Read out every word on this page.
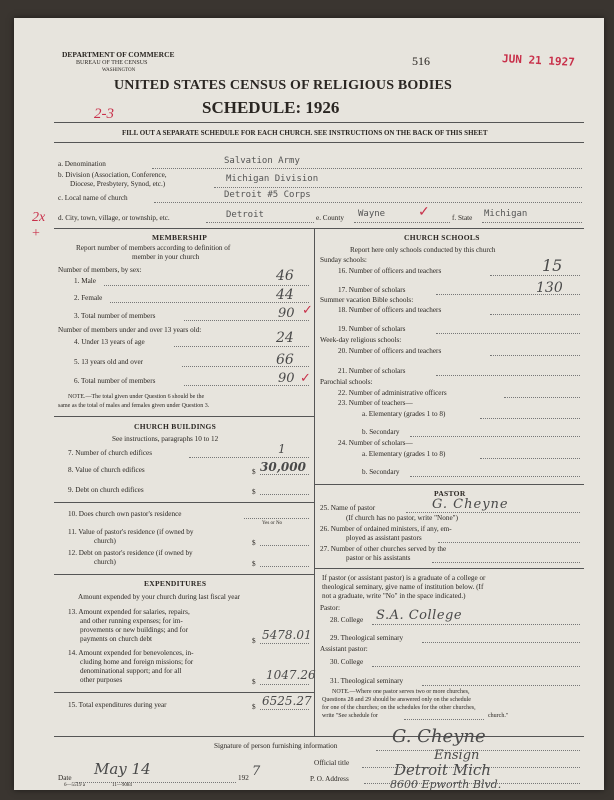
DEPARTMENT OF COMMERCE
BUREAU OF THE CENSUS
WASHINGTON
516	JUN 21 1927
UNITED STATES CENSUS OF RELIGIOUS BODIES
SCHEDULE: 1926
2-3
FILL OUT A SEPARATE SCHEDULE FOR EACH CHURCH. SEE INSTRUCTIONS ON THE BACK OF THIS SHEET
a. Denomination	Salvation Army
b. Division (Association, Conference,
Diocese, Presbytery, Synod, etc.)	Michigan Division
c. Local name of church	Detroit #5 Corps
2x
+
d. City, town, village, or township, etc.	Detroit	e. County Wayne ✓	f. State Michigan
MEMBERSHIP
Report number of members according to definition of
member in your church
Number of members, by sex:
1. Male	46
2. Female	44
3. Total number of members	90 ✓
Number of members under and over 13 years old:
4. Under 13 years of age	24
5. 13 years old and over	66
6. Total number of members	90 ✓
NOTE.—The total given under Question 6 should be the
same as the total of males and females given under Question 3.
CHURCH BUILDINGS
See instructions, paragraphs 10 to 12
7. Number of church edifices	1
8. Value of church edifices	$ 30,000
9. Debt on church edifices	$
10. Does church own pastor's residence
Yes or No
11. Value of pastor's residence (if owned by
church)	$
12. Debt on pastor's residence (if owned by
church)	$
EXPENDITURES
Amount expended by your church during last fiscal year
13. Amount expended for salaries, repairs,
and other running expenses; for im-
provements or new buildings; and for
payments on church debt	$ 5478.01
14. Amount expended for benevolences, in-
cluding home and foreign missions; for
denominational support; and for all
other purposes	$ 1047.26
15. Total expenditures during year	$ 6525.27
CHURCH SCHOOLS
Report here only schools conducted by this church
Sunday schools:
16. Number of officers and teachers	15
17. Number of scholars	130
Summer vacation Bible schools:
18. Number of officers and teachers
19. Number of scholars
Week-day religious schools:
20. Number of officers and teachers
21. Number of scholars
Parochial schools:
22. Number of administrative officers
23. Number of teachers—
a. Elementary (grades 1 to 8)
b. Secondary
24. Number of scholars—
a. Elementary (grades 1 to 8)
b. Secondary
PASTOR
25. Name of pastor	G. Cheyne
(If church has no pastor, write "None")
26. Number of ordained ministers, if any, em-
ployed as assistant pastors
27. Number of other churches served by the
pastor or his assistants
If pastor (or assistant pastor) is a graduate of a college or
theological seminary, give name of institution below. (If
not a graduate, write "No" in the space indicated.)
Pastor:
28. College S.A. College
29. Theological seminary
Assistant pastor:
30. College
31. Theological seminary
NOTE.—Where one pastor serves two or more churches,
Questions 28 and 29 should be answered only on the schedule
for one of the churches; on the schedules for the other churches,
write "See schedule for	church."
Signature of person furnishing information	G. Cheyne
Official title	Ensign
Date May 14	192 7	P. O. Address	Detroit Mich
8600 Epworth Blvd.
6—5519 a	11—9084
